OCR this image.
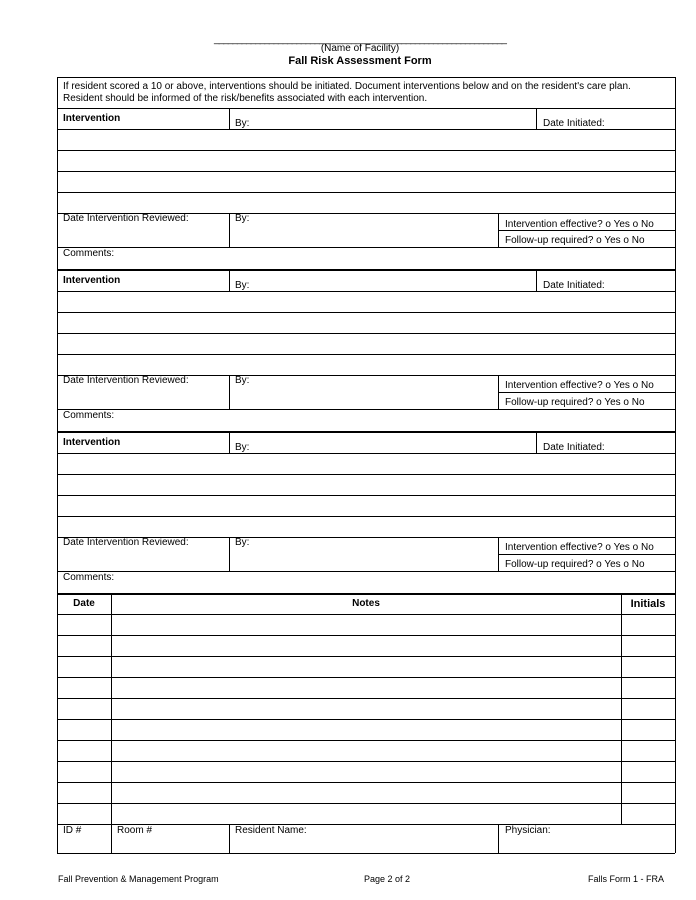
________________________________________________________________
(Name of Facility)
Fall Risk Assessment Form
If resident scored a 10 or above, interventions should be initiated. Document interventions below and on the resident's care plan.
Resident should be informed of the risk/benefits associated with each intervention.
Intervention	By:	Date Initiated:
Date Intervention Reviewed:	By:
Intervention effective? o Yes o No
Follow-up required? o Yes o No
Comments:
Intervention	By:	Date Initiated:
Date Intervention Reviewed:	By:	Intervention effective? o Yes o No
Follow-up required? o Yes o No
Comments:
Intervention	By:	Date Initiated:
Date Intervention Reviewed:	By:	Intervention effective? o Yes o No
Follow-up required? o Yes o No
Comments:
Date	Notes	Initials
ID #	Room #	Resident Name:	Physician:
Fall Prevention & Management Program	Page 2 of 2	Falls Form 1 - FRA
